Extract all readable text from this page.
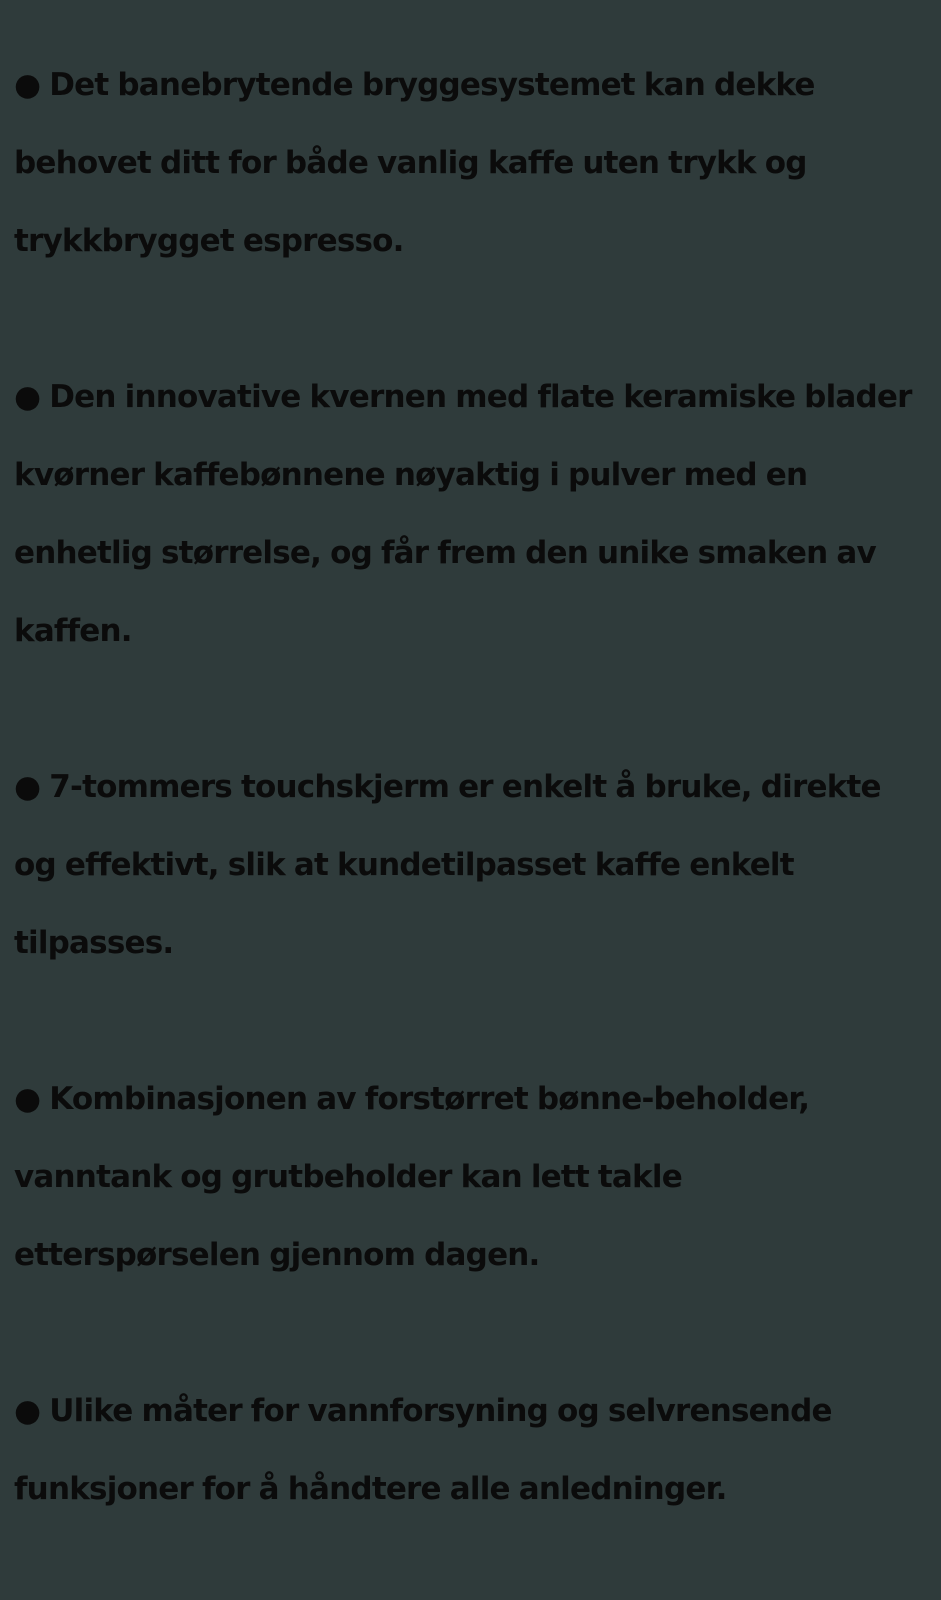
● Det banebrytende bryggesystemet kan dekke behovet ditt for både vanlig kaffe uten trykk og trykkbrygget espresso.

● Den innovative kvernen med flate keramiske blader kvørner kaffebønnene nøyaktig i pulver med en enhetlig størrelse, og får frem den unike smaken av kaffen.

● 7-tommers touchskjerm er enkelt å bruke, direkte og effektivt, slik at kundetilpasset kaffe enkelt tilpasses.

● Kombinasjonen av forstørret bønne-beholder, vanntank og grutbeholder kan lett takle etterspørselen gjennom dagen.

● Ulike måter for vannforsyning og selvrensende funksjoner for å håndtere alle anledninger.
